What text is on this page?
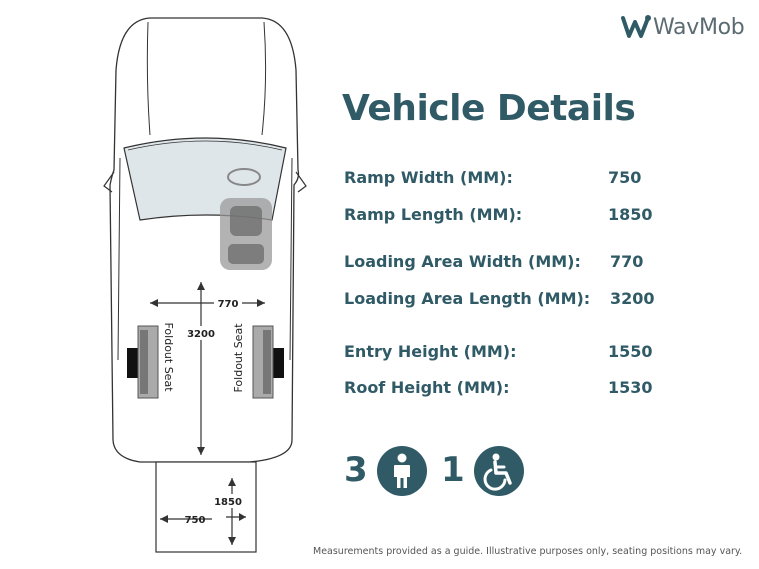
770
3200
Foldout Seat	Foldout Seat
1850
750
WavMob
Vehicle Details
Ramp Width (MM):	750
Ramp Length (MM):	1850
Loading Area Width (MM): 770
Loading Area Length (MM): 3200
Entry Height (MM):	1550
Roof Height (MM):	1530
3 1
Measurements provided as a guide. Illustrative purposes only, seating positions may vary.
